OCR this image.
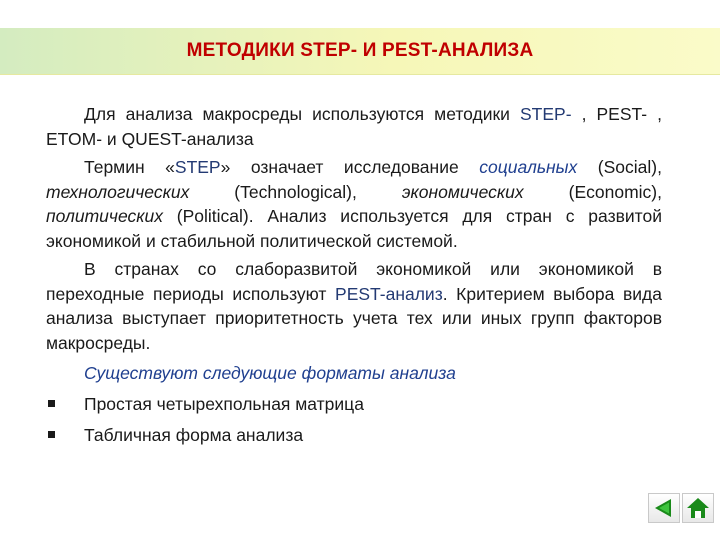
МЕТОДИКИ STEP- И PEST-АНАЛИЗА

Для анализа макросреды используются методики STEP- , PEST- , ETOM- и QUEST-анализа

Термин «STEP» означает исследование социальных (Social), технологических (Technological), экономических (Economic), политических (Political). Анализ используется для стран с развитой экономикой и стабильной политической системой.

В странах со слаборазвитой экономикой или экономикой в переходные периоды используют PEST-анализ. Критерием выбора вида анализа выступает приоритетность учета тех или иных групп факторов макросреды.

Существуют следующие форматы анализа

Простая четырехпольная матрица
Табличная форма анализа
